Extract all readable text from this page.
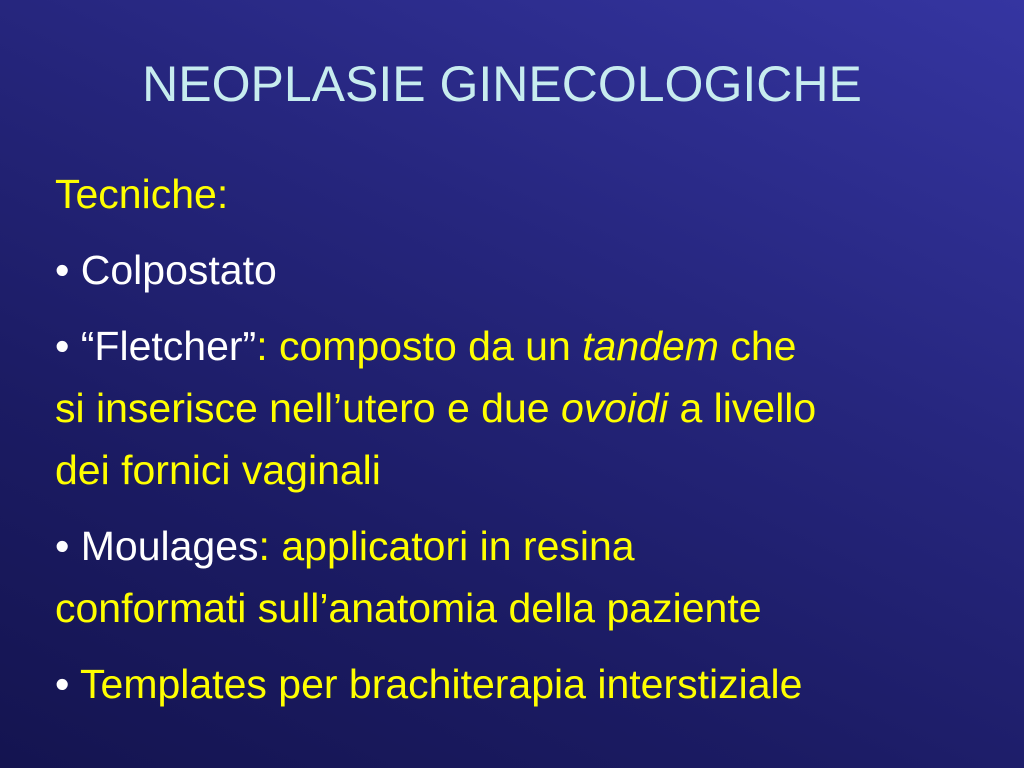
NEOPLASIE GINECOLOGICHE

Tecniche:

• Colpostato

• “Fletcher”: composto da un tandem che

si inserisce nell’utero e due ovoidi a livello

dei fornici vaginali

• Moulages: applicatori in resina

conformati sull’anatomia della paziente

• Templates per brachiterapia interstiziale
